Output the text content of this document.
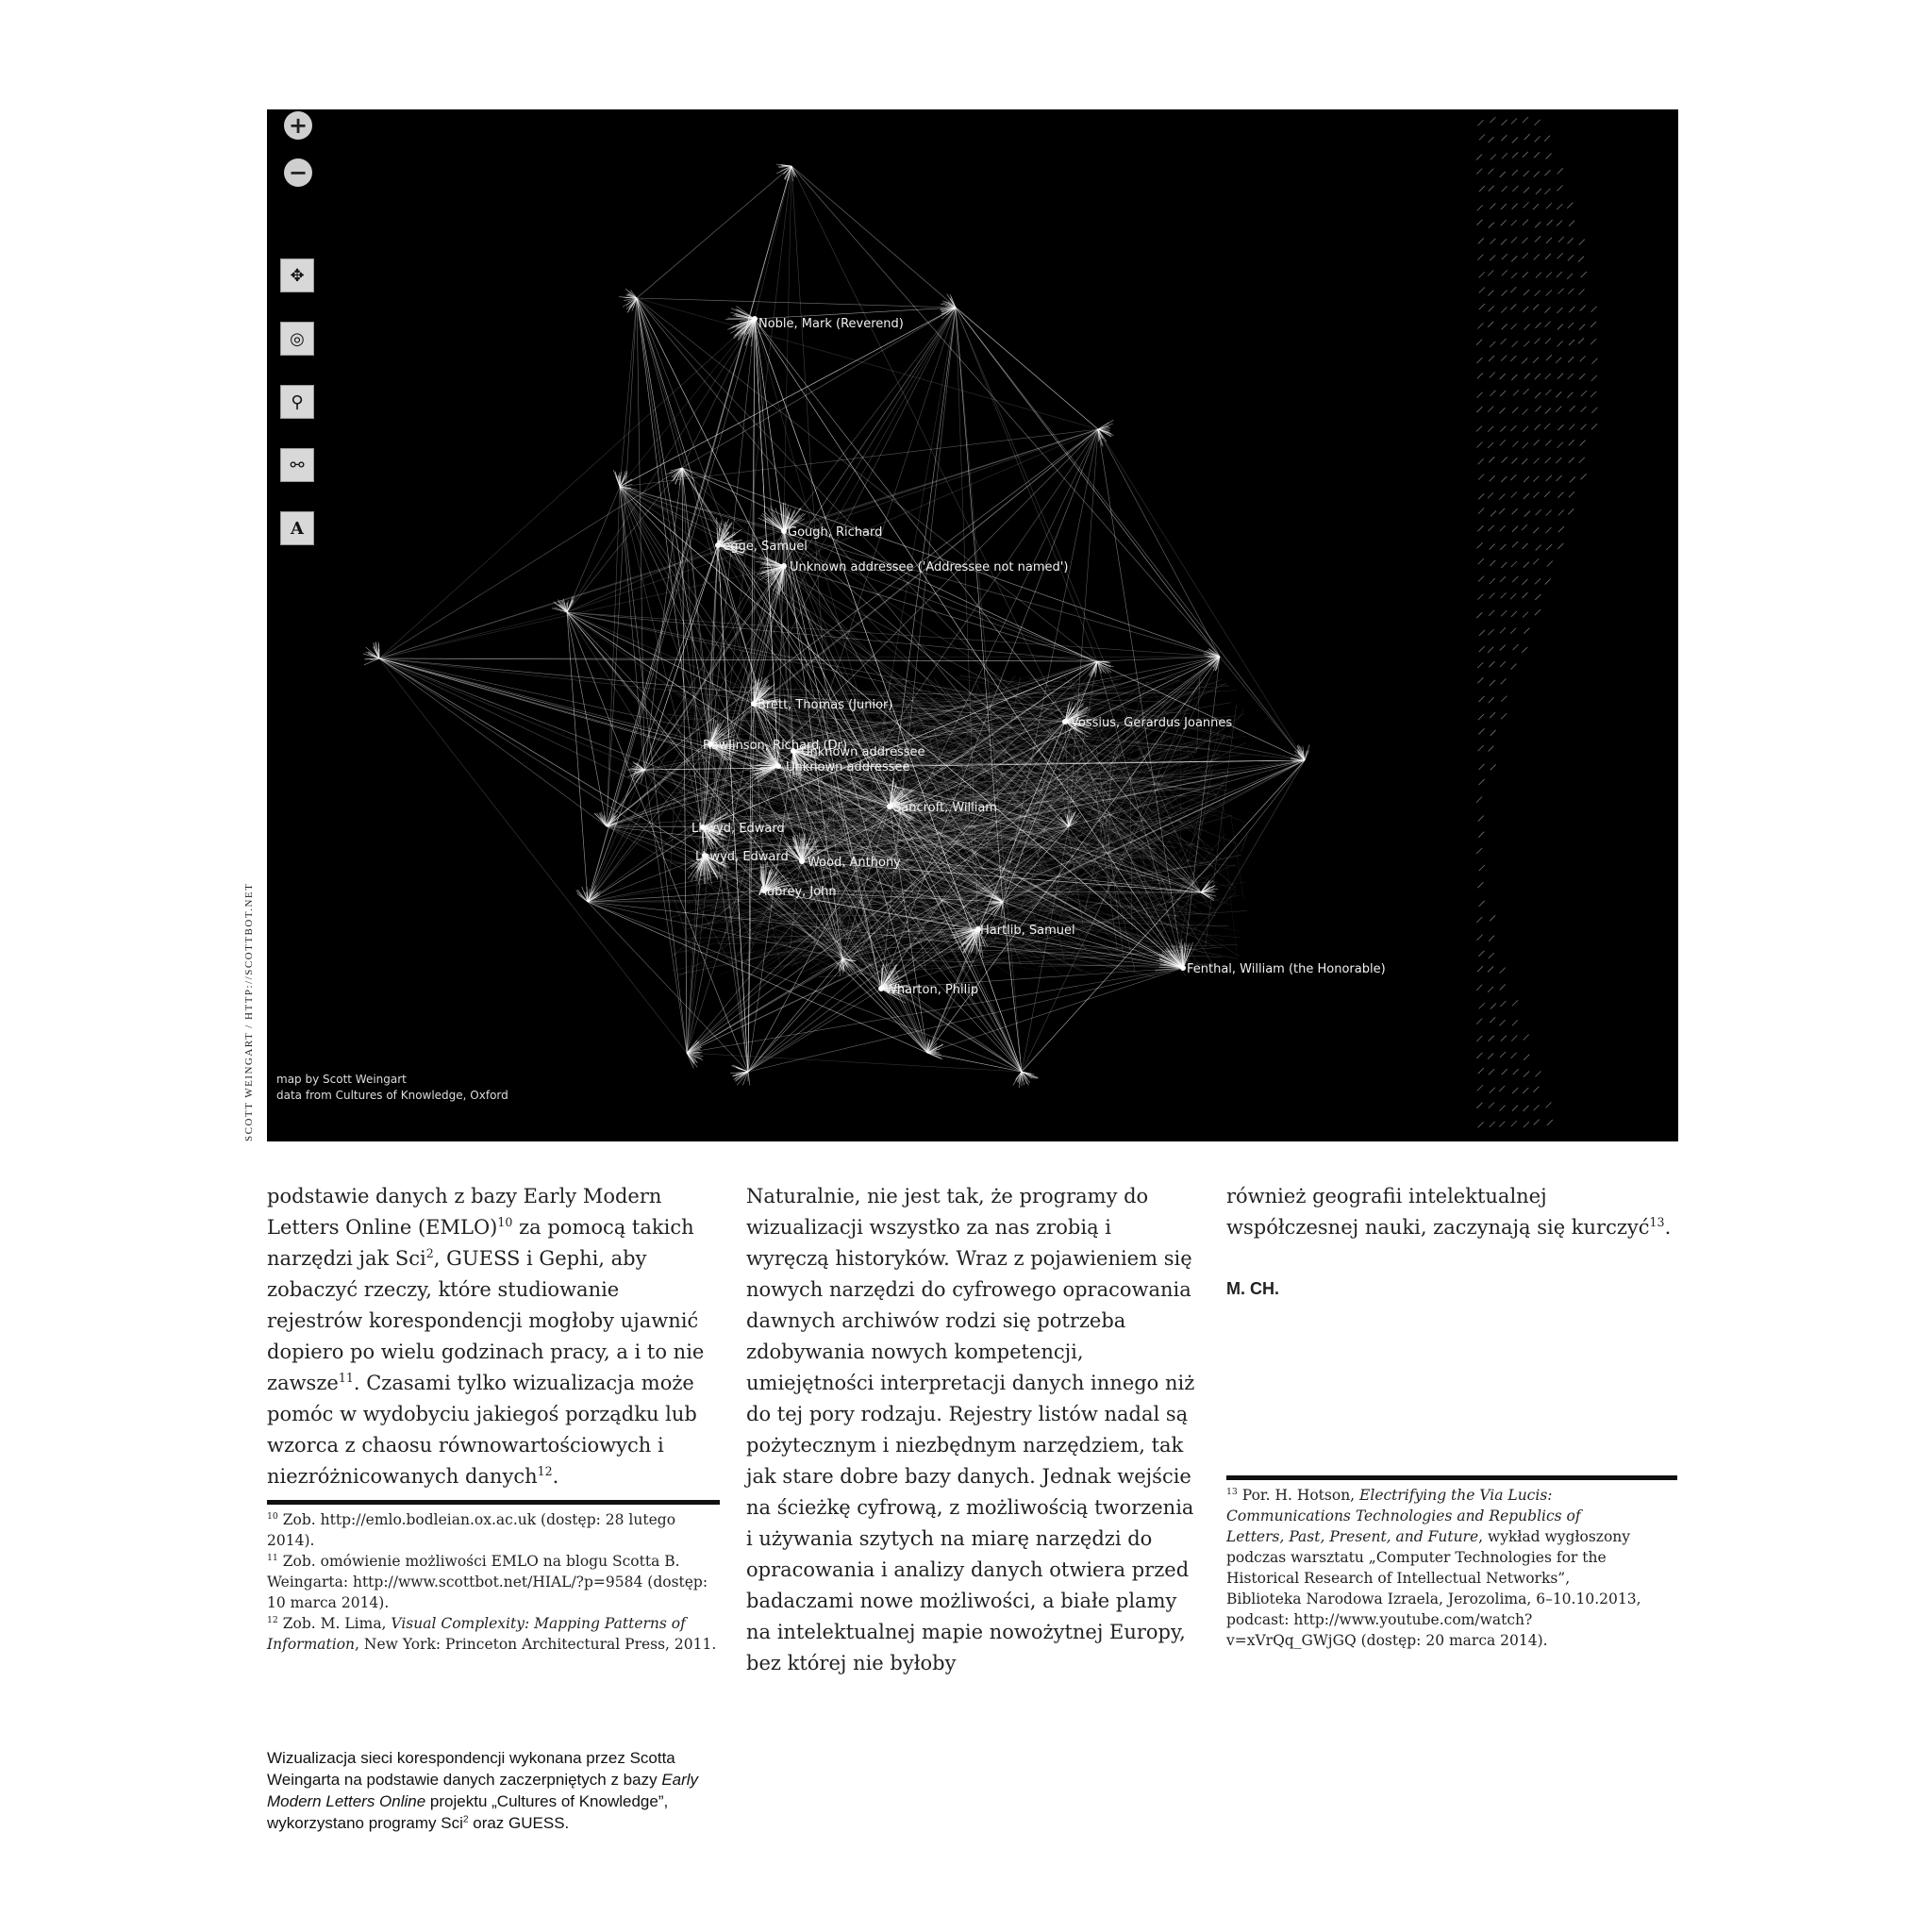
Noble, Mark (Reverend)
Gough, Richard
Pegge, Samuel
Unknown addressee ('Addressee not named')
Brett, Thomas (Junior)
Vossius, Gerardus Joannes
Rawlinson, Richard (Dr)
Unknown addressee
Unknown addressee
Sancroft, William
Lhwyd, Edward
Lhwyd, Edward Wood, Anthony
Aubrey, John
Hartlib, Samuel
Fenthal, William (the Honorable)
Wharton, Philip
+
−
✥
◎
⚲
⚯
A
map by Scott Weingart
data from Cultures of Knowledge, Oxford
SCOTT WEINGART / HTTP://SCOTTBOT.NET

podstawie danych z bazy Early Modern Letters Online (EMLO)$^{10}$ za pomocą takich narzędzi jak Sci$^2$, GUESS i Gephi, aby zobaczyć rzeczy, które studiowanie rejestrów korespondencji mogłoby ujawnić dopiero po wielu godzinach pracy, a i to nie zawsze$^{11}$. Czasami tylko wizualizacja może pomóc w wydobyciu jakiegoś porządku lub wzorca z chaosu równowartościowych i niezróżnicowanych danych$^{12}$.

Naturalnie, nie jest tak, że programy do wizualizacji wszystko za nas zrobią i wyręczą historyków. Wraz z pojawieniem się nowych narzędzi do cyfrowego opracowania dawnych archiwów rodzi się potrzeba zdobywania nowych kompetencji, umiejętności interpretacji danych innego niż do tej pory rodzaju. Rejestry listów nadal są pożytecznym i niezbędnym narzędziem, tak jak stare dobre bazy danych. Jednak wejście na ścieżkę cyfrową, z możliwością tworzenia i używania szytych na miarę narzędzi do opracowania i analizy danych otwiera przed badaczami nowe możliwości, a białe plamy na intelektualnej mapie nowożytnej Europy, bez której nie byłoby

również geografii intelektualnej współczesnej nauki, zaczynają się kurczyć$^{13}$.

M. CH.

$^{10}$ Zob. http://emlo.bodleian.ox.ac.uk (dostęp: 28 lutego 2014).

$^{11}$ Zob. omówienie możliwości EMLO na blogu Scotta B. Weingarta: http://www.scottbot.net/HIAL/?p=9584 (dostęp: 10 marca 2014).

$^{12}$ Zob. M. Lima, Visual Complexity: Mapping Patterns of Information, New York: Princeton Architectural Press, 2011.

$^{13}$ Por. H. Hotson, Electrifying the Via Lucis: Communications Technologies and Republics of Letters, Past, Present, and Future, wykład wygłoszony podczas warsztatu „Computer Technologies for the Historical Research of Intellectual Networks”, Biblioteka Narodowa Izraela, Jerozolima, 6–10.10.2013, podcast: http://www.youtube.com/watch?v=xVrQq_GWjGQ (dostęp: 20 marca 2014).

Wizualizacja sieci korespondencji wykonana przez Scotta Weingarta na podstawie danych zaczerpniętych z bazy Early Modern Letters Online projektu „Cultures of Knowledge”, wykorzystano programy Sci$^2$ oraz GUESS.
